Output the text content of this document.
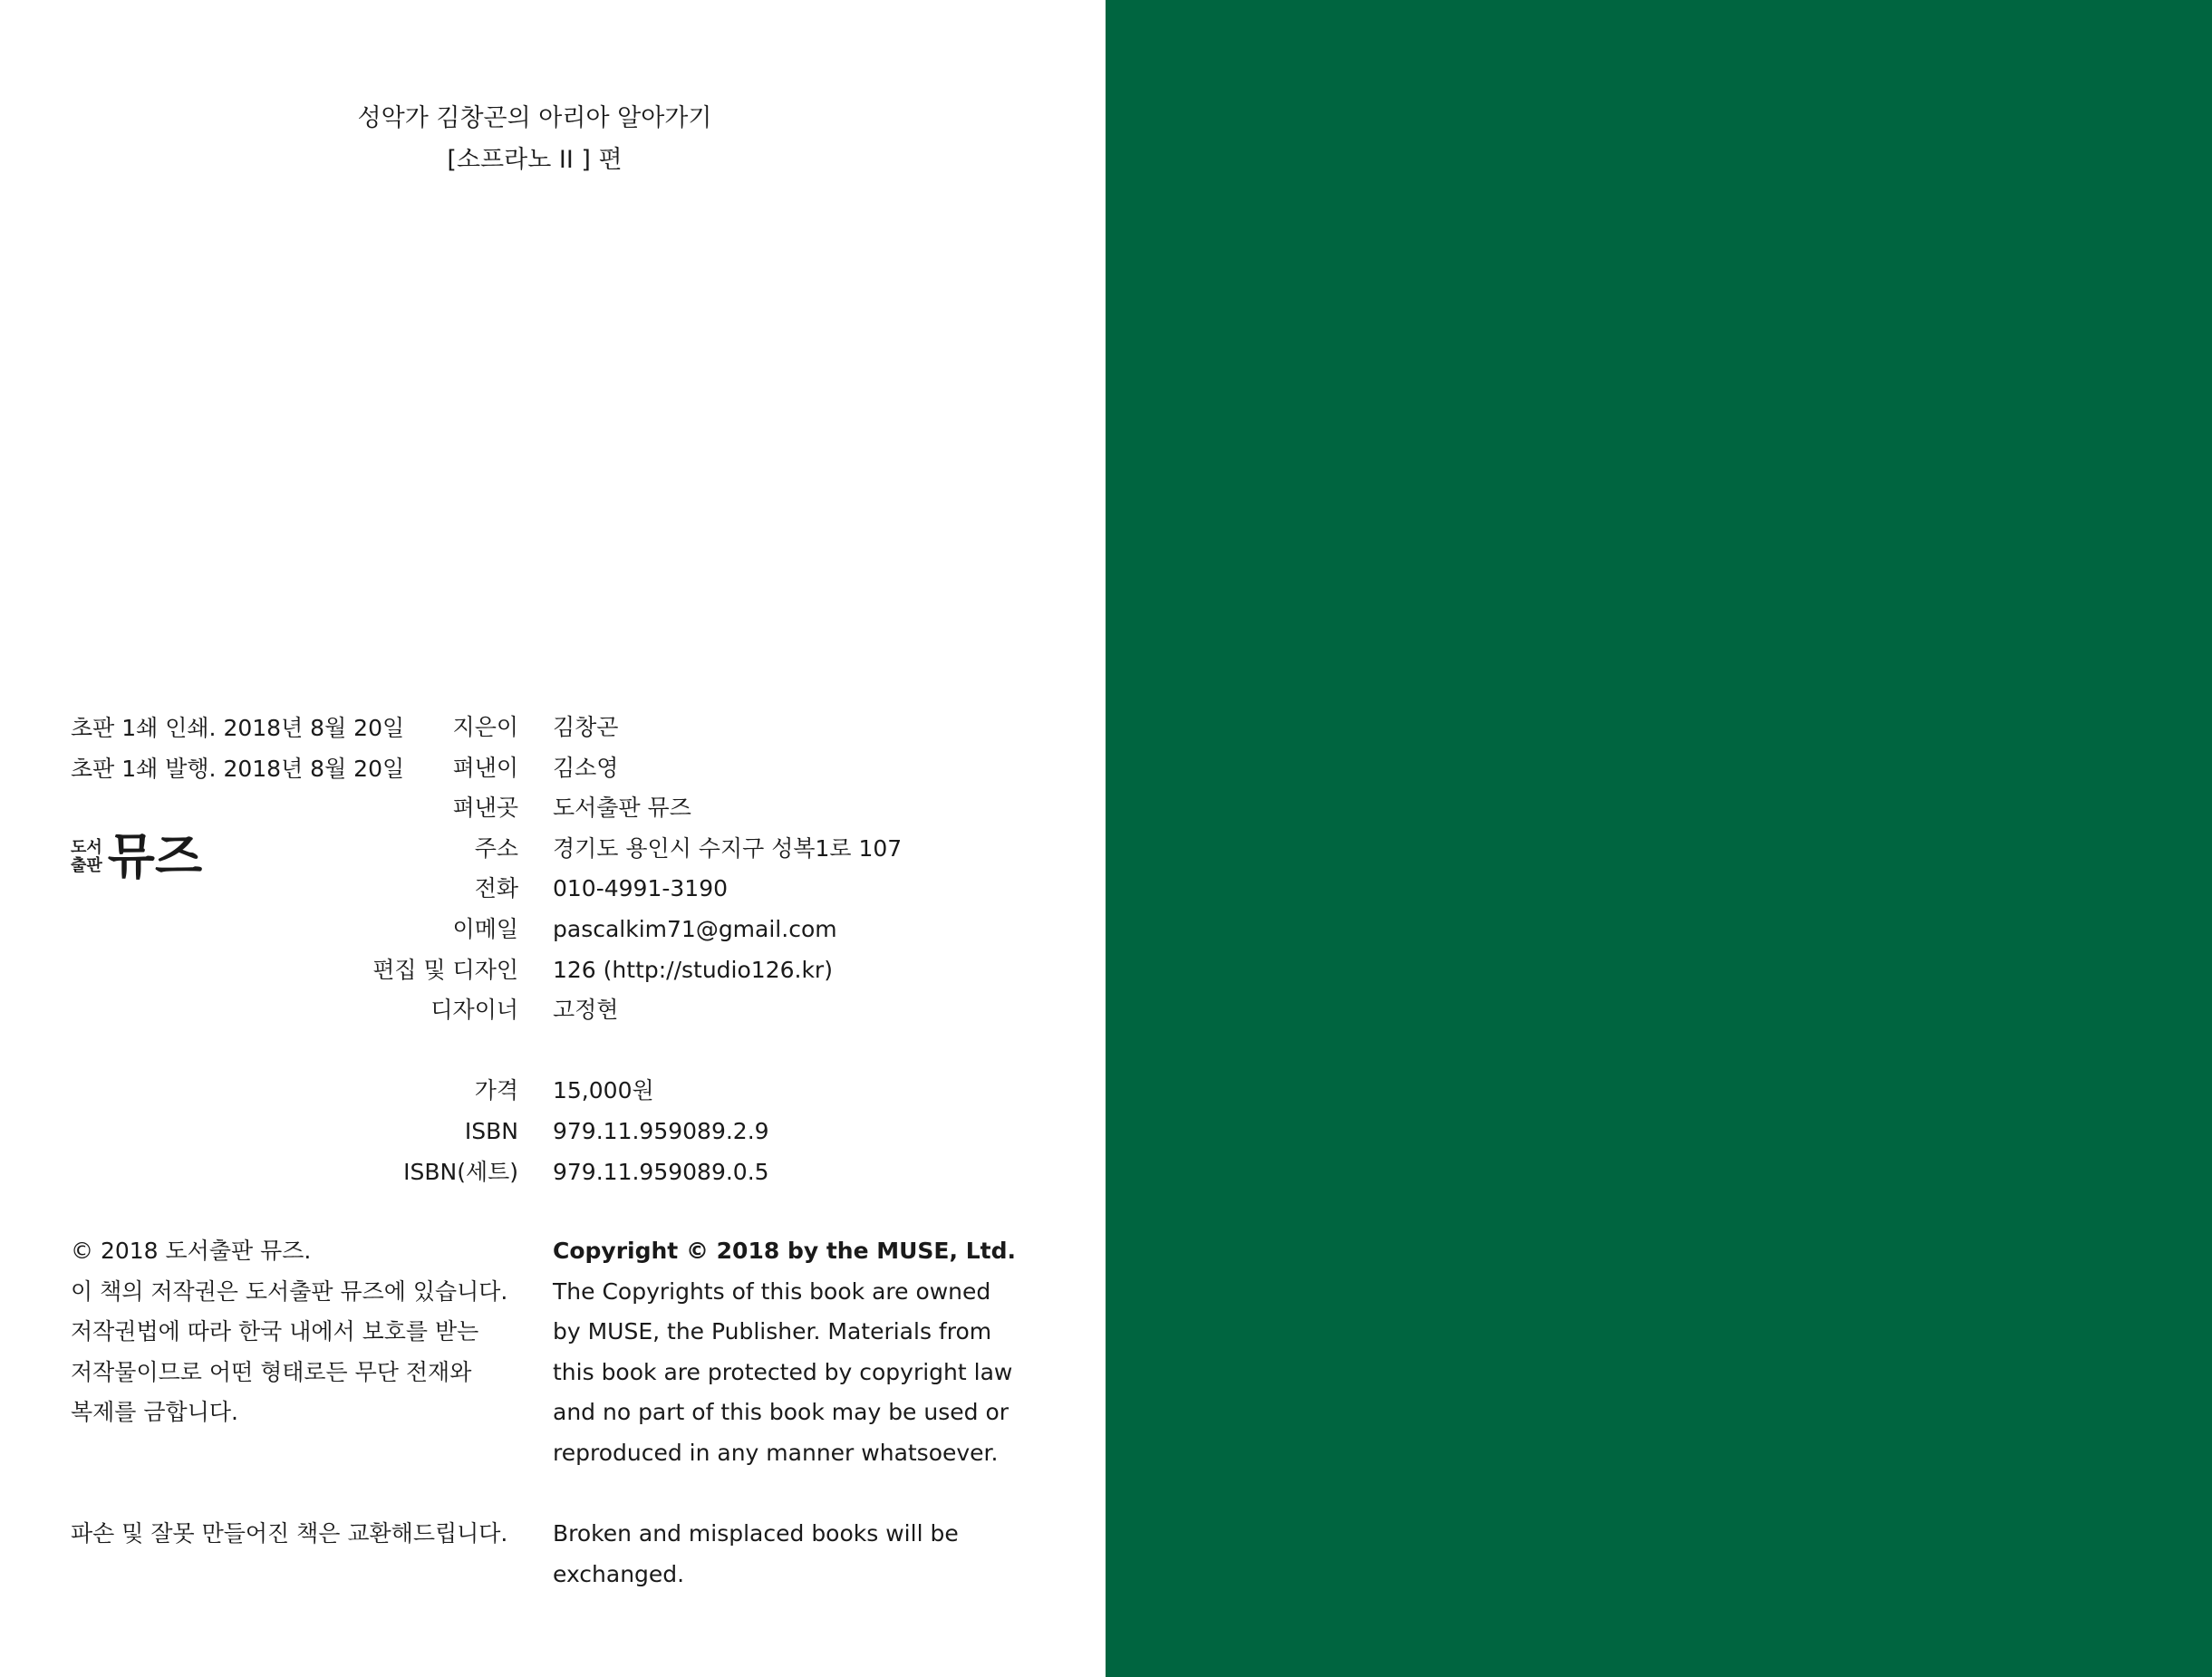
성악가 김창곤의 아리아 알아가기
[소프라노 II ] 편
초판 1쇄 인쇄. 2018년 8월 20일
초판 1쇄 발행. 2018년 8월 20일
도서
출판 뮤즈
지은이 김창곤
펴낸이 김소영
펴낸곳 도서출판 뮤즈
주소 경기도 용인시 수지구 성복1로 107
전화 010-4991-3190
이메일 pascalkim71@gmail.com
편집 및 디자인 126 (http://studio126.kr)
디자이너 고정현
가격 15,000원
ISBN 979.11.959089.2.9
ISBN(세트) 979.11.959089.0.5
© 2018 도서출판 뮤즈.
이 책의 저작권은 도서출판 뮤즈에 있습니다.
저작권법에 따라 한국 내에서 보호를 받는
저작물이므로 어떤 형태로든 무단 전재와
복제를 금합니다.
Copyright © 2018 by the MUSE, Ltd.
The Copyrights of this book are owned
by MUSE, the Publisher. Materials from
this book are protected by copyright law
and no part of this book may be used or
reproduced in any manner whatsoever.
파손 및 잘못 만들어진 책은 교환해드립니다. Broken and misplaced books will be
exchanged.
